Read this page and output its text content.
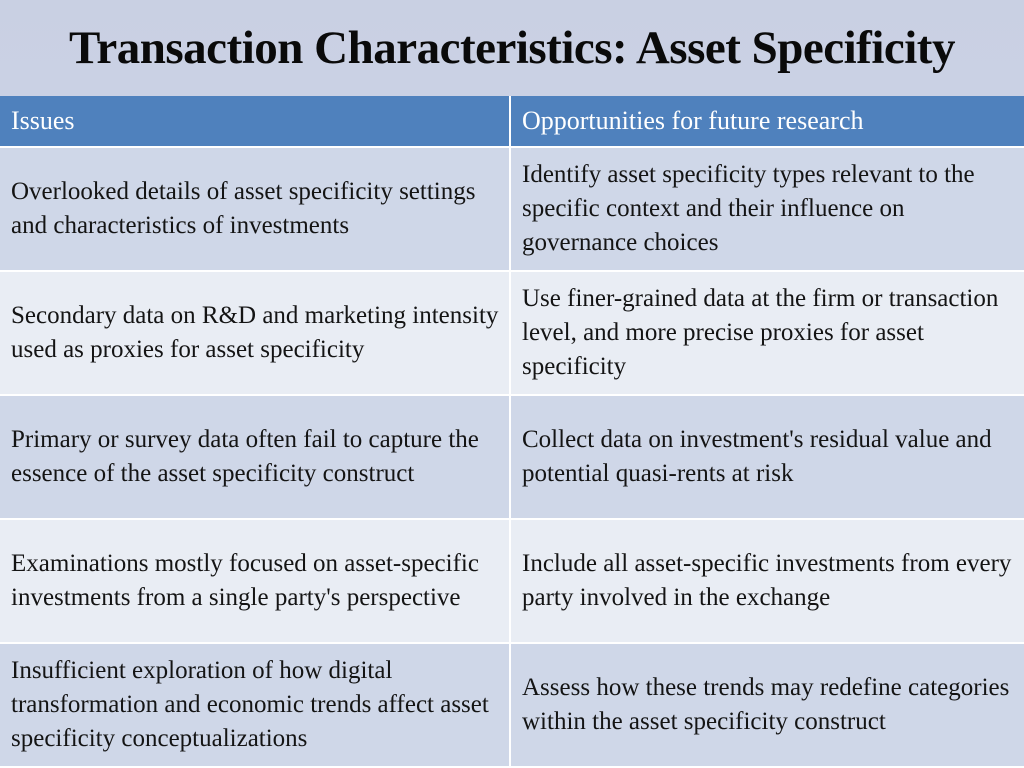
Transaction Characteristics: Asset Specificity
Issues	Opportunities for future research
Overlooked details of asset specificity settings and characteristics of investments
Identify asset specificity types relevant to the specific context and their influence on governance choices
Secondary data on R&D and marketing intensity used as proxies for asset specificity
Use finer-grained data at the firm or transaction level, and more precise proxies for asset specificity
Primary or survey data often fail to capture the essence of the asset specificity construct
Collect data on investment's residual value and potential quasi-rents at risk
Examinations mostly focused on asset-specific investments from a single party's perspective
Include all asset-specific investments from every party involved in the exchange
Insufficient exploration of how digital transformation and economic trends affect asset specificity conceptualizations
Assess how these trends may redefine categories within the asset specificity construct
